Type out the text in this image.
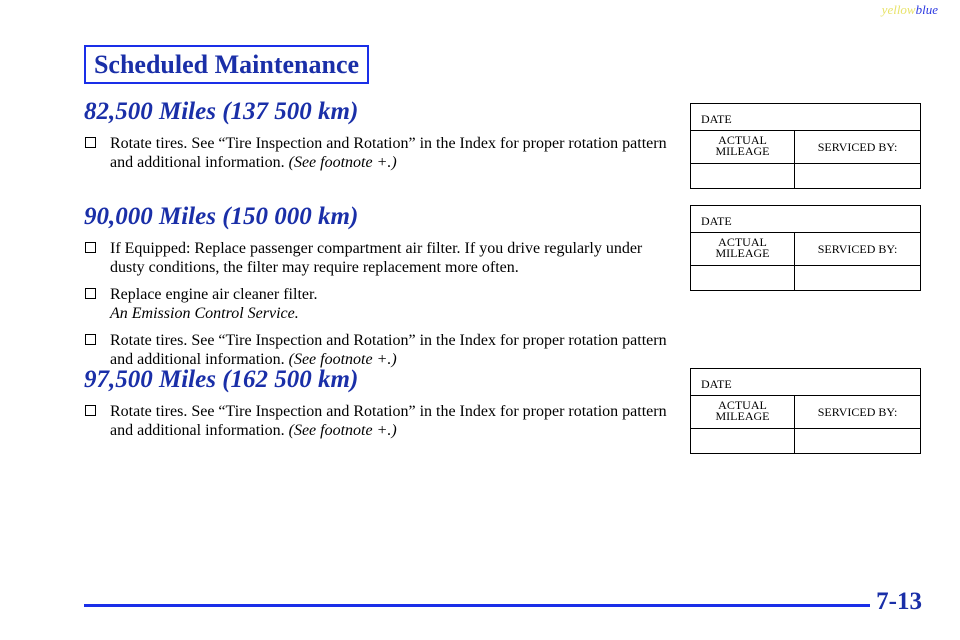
yellowblue
Scheduled Maintenance
82,500 Miles (137 500 km)
Rotate tires. See “Tire Inspection and Rotation” in the Index for proper rotation pattern and additional information. (See footnote +.)
90,000 Miles (150 000 km)
If Equipped: Replace passenger compartment air filter. If you drive regularly under dusty conditions, the filter may require replacement more often.
Replace engine air cleaner filter.
An Emission Control Service.
Rotate tires. See “Tire Inspection and Rotation” in the Index for proper rotation pattern and additional information. (See footnote +.)
97,500 Miles (162 500 km)
Rotate tires. See “Tire Inspection and Rotation” in the Index for proper rotation pattern and additional information. (See footnote +.)
DATE
ACTUAL
MILEAGE	SERVICED BY:
DATE
ACTUAL
MILEAGE	SERVICED BY:
DATE
ACTUAL
MILEAGE	SERVICED BY:
7-13
